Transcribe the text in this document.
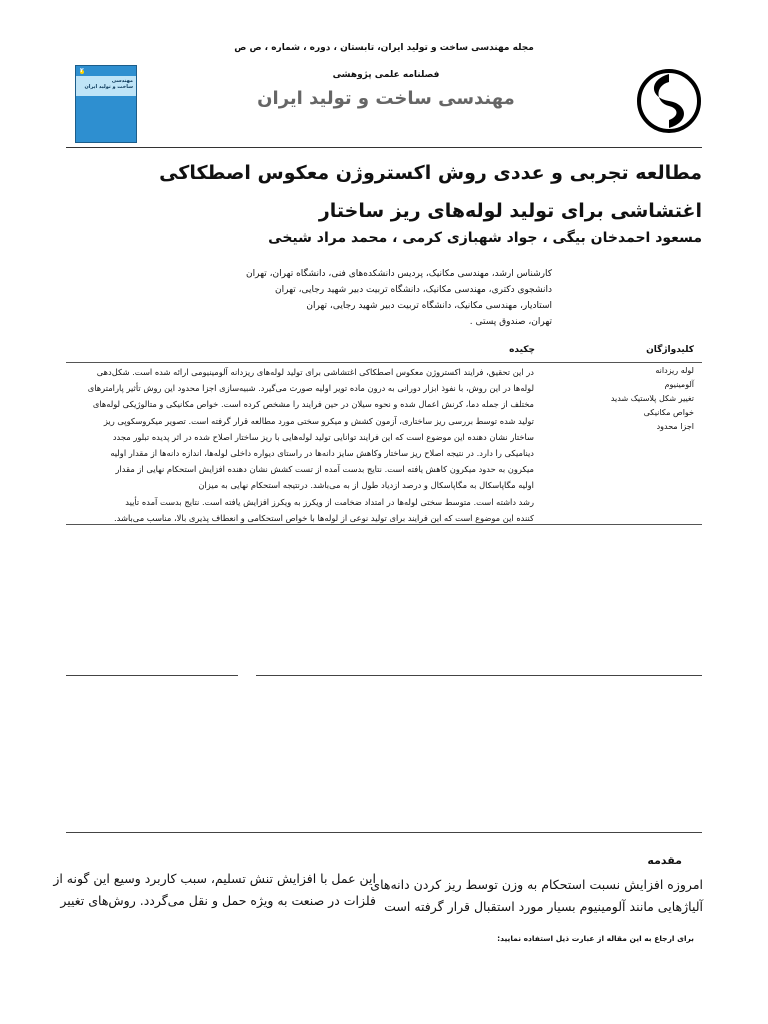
مجله مهندسی ساخت و تولید ایران، تابستان ، دوره ، شماره ، ص ص
۲
مهندسی
ساخت و تولید ایران
فصلنامه علمی پژوهشی
مهندسی ساخت و تولید ایران
مطالعه تجربی و عددی روش اکستروژن معکوس اصطکاکی اغتشاشی برای تولید لوله‌های ریز ساختار
مسعود احمدخان بیگی ، جواد شهبازی کرمی ، محمد مراد شیخی
کارشناس ارشد، مهندسی مکانیک، پردیس دانشکده‌های فنی، دانشگاه تهران، تهران
دانشجوی دکتری، مهندسی مکانیک، دانشگاه تربیت دبیر شهید رجایی، تهران
استادیار، مهندسی مکانیک، دانشگاه تربیت دبیر شهید رجایی، تهران
تهران، صندوق پستی .
کلیدواژگان
چکیده
لوله ریزدانه
آلومینیوم
تغییر شکل پلاستیک شدید
خواص مکانیکی
اجزا محدود
در این تحقیق، فرایند اکستروژن معکوس اصطکاکی اغتشاشی برای تولید لوله‌های ریزدانه آلومینیومی ارائه شده است. شکل‌دهی
لوله‌ها در این روش، با نفوذ ابزار دورانی به درون ماده تویر اولیه صورت می‌گیرد. شبیه‌سازی اجزا محدود این روش تأثیر پارامترهای
مختلف از جمله دما، کرنش اعمال شده و نحوه سیلان در حین فرایند را مشخص کرده است. خواص مکانیکی و متالوژیکی لوله‌های
تولید شده توسط بررسی ریز ساختاری، آزمون کشش و میکرو سختی مورد مطالعه قرار گرفته است. تصویر میکروسکوپی ریز
ساختار نشان دهنده این موضوع است که این فرایند توانایی تولید لوله‌هایی با ریز ساختار اصلاح شده در اثر پدیده تبلور مجدد
دینامیکی را دارد. در نتیجه اصلاح ریز ساختار وکاهش سایز دانه‌ها در راستای دیواره داخلی لوله‌ها، اندازه دانه‌ها از مقدار اولیه
میکرون به حدود میکرون کاهش یافته است. نتایج بدست آمده از تست کشش نشان دهنده افزایش استحکام نهایی از مقدار
اولیه مگاپاسکال به مگاپاسکال و درصد ازدیاد طول از به می‌باشد. درنتیجه استحکام نهایی به میزان
رشد داشته است. متوسط سختی لوله‌ها در امتداد ضخامت از ویکرز به ویکرز افزایش یافته است. نتایج بدست آمده تأیید
کننده این موضوع است که این فرایند برای تولید نوعی از لوله‌ها با خواص استحکامی و انعطاف پذیری بالا، مناسب می‌باشد.
مقدمه
امروزه افزایش نسبت استحکام به وزن توسط ریز کردن دانه‌های
آلیاژهایی مانند آلومینیوم بسیار مورد استقبال قرار گرفته است
این عمل با افزایش تنش تسلیم، سبب کاربرد وسیع این گونه از
فلزات در صنعت به ویژه حمل و نقل می‌گردد. روش‌های تغییر
برای ارجاع به این مقاله از عبارت ذیل استفاده نمایید:
